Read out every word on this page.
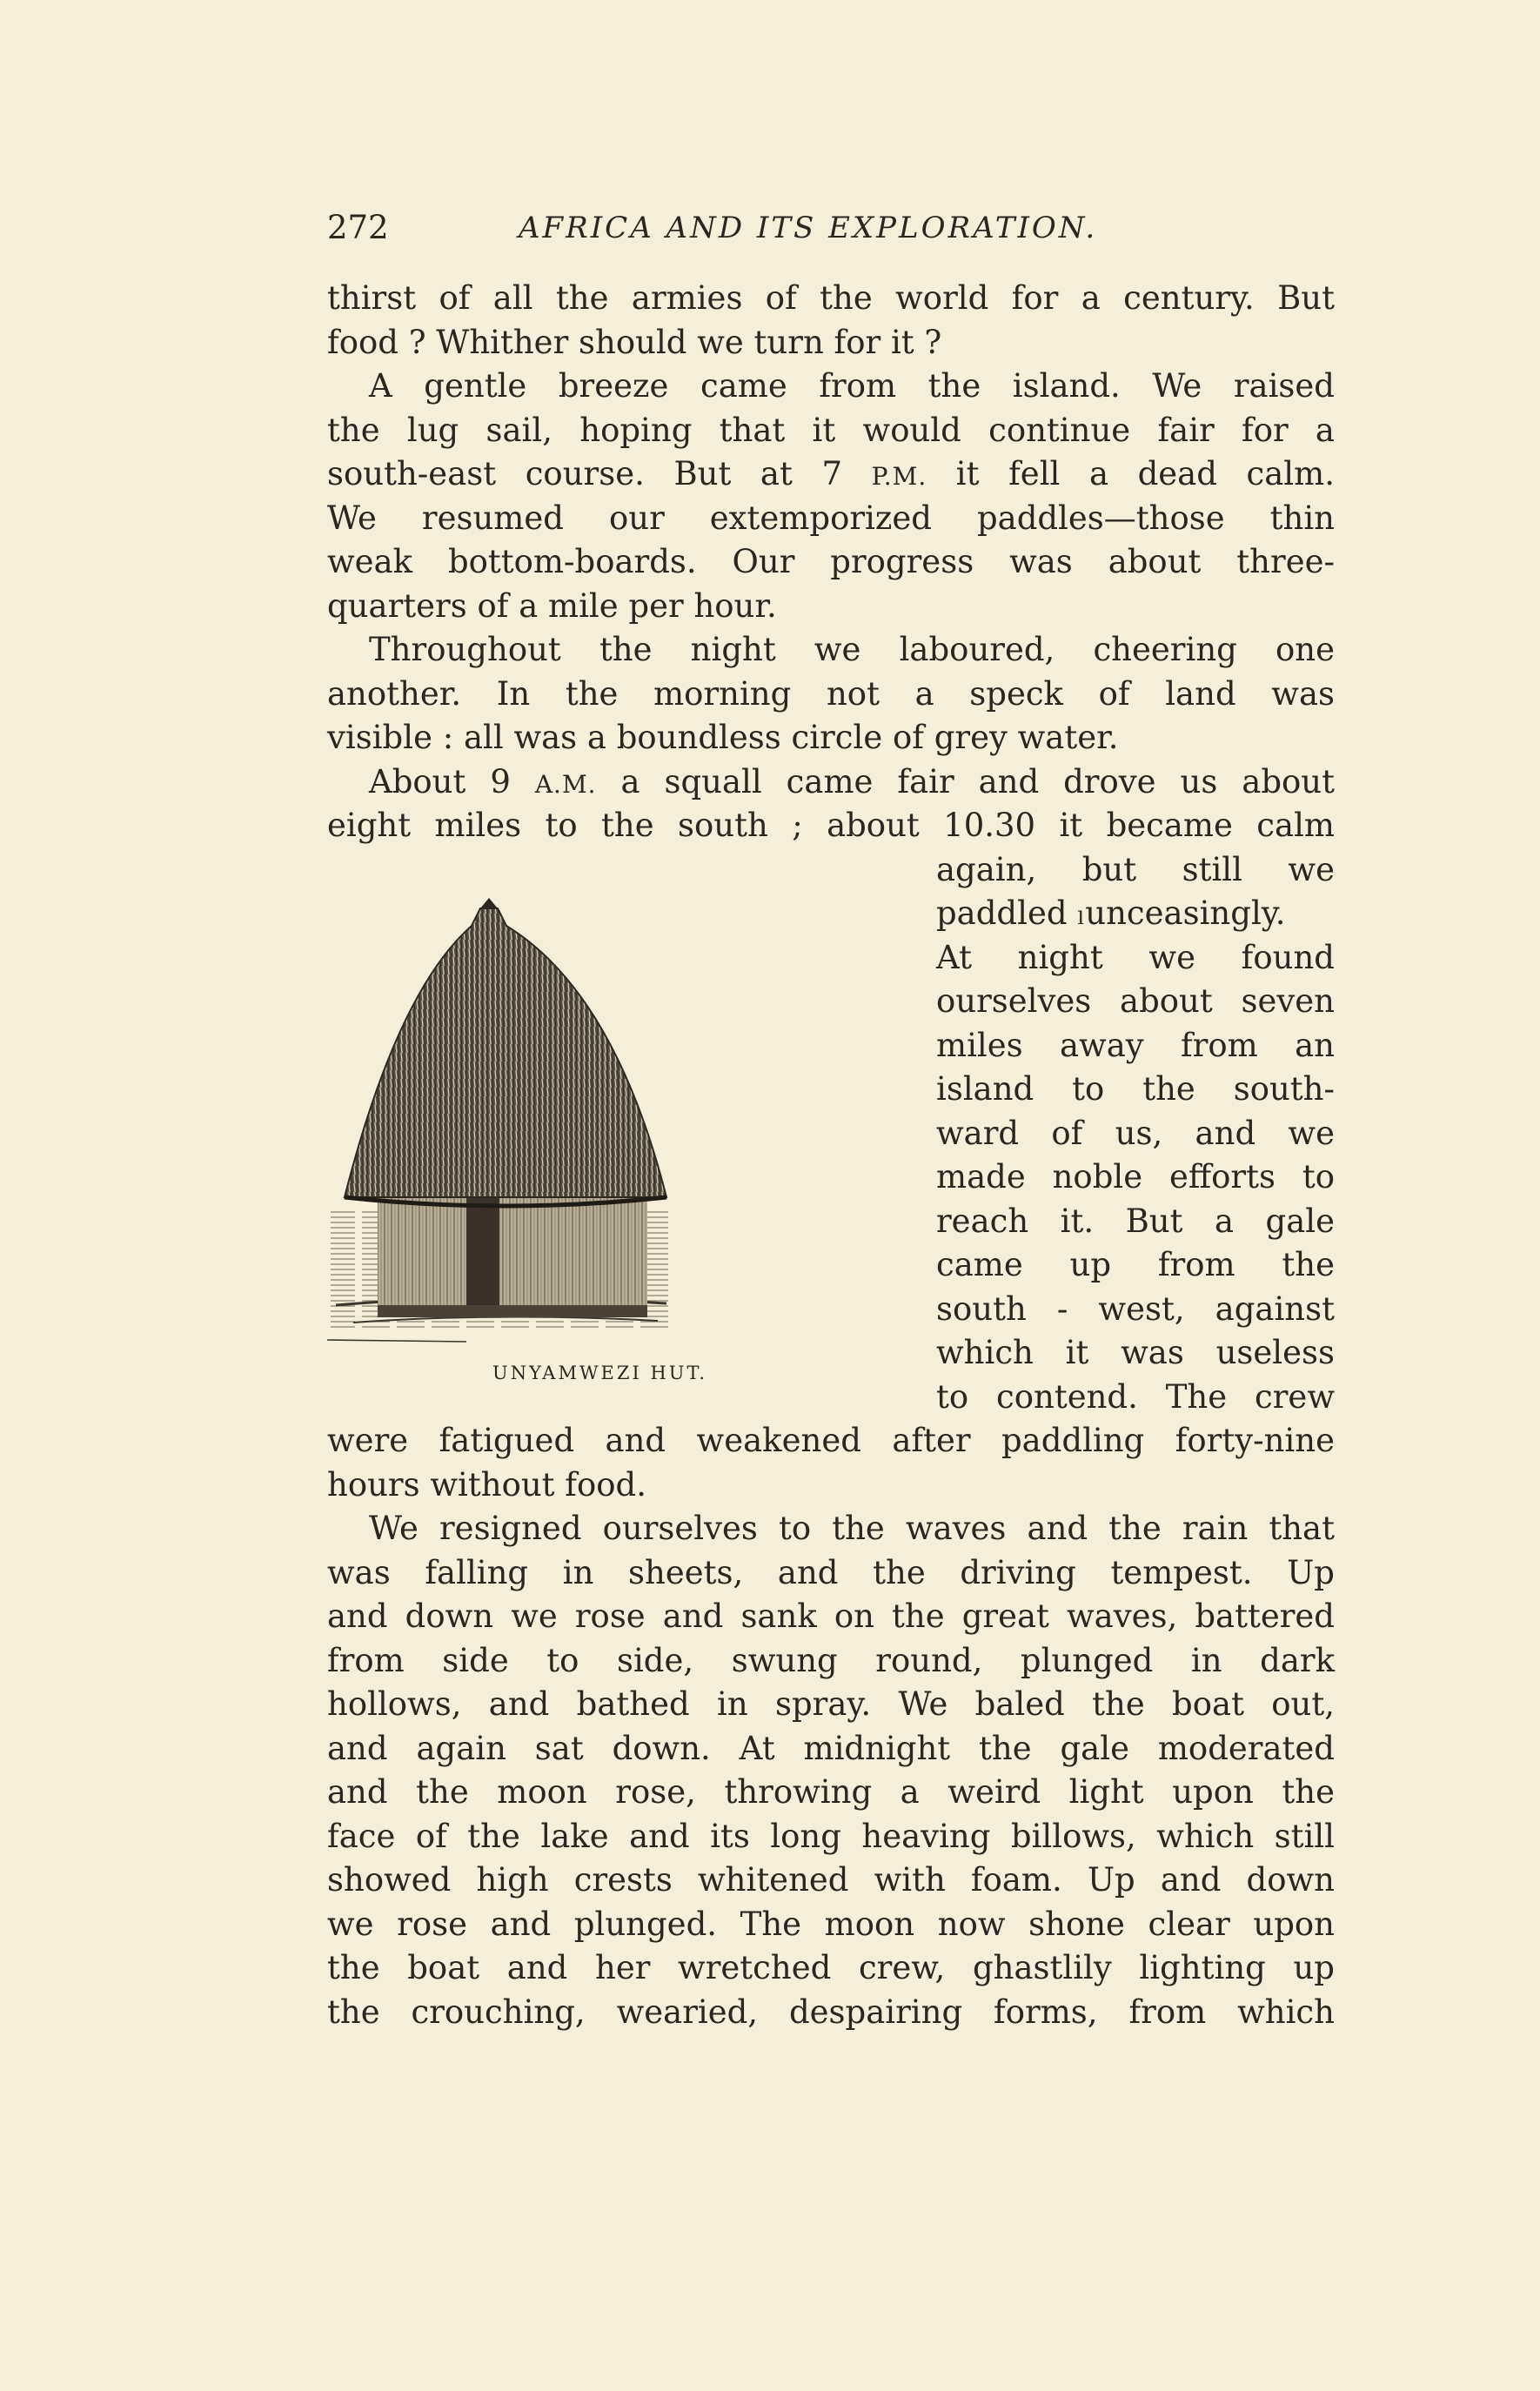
272	AFRICA AND ITS EXPLORATION.
UNYAMWEZI HUT.
thirst of all the armies of the world for a century. But
food ? Whither should we turn for it ?
A gentle breeze came from the island. We raised
the lug sail, hoping that it would continue fair for a
south-east course. But at 7 P.M. it fell a dead calm.
We resumed our extemporized paddles—those thin
weak bottom-boards. Our progress was about three-
quarters of a mile per hour.
Throughout the night we laboured, cheering one
another. In the morning not a speck of land was
visible : all was a boundless circle of grey water.
About 9 A.M. a squall came fair and drove us about
eight miles to the south ; about 10.30 it became calm
again, but still we
paddled ₗunceasingly.
At night we found
ourselves about seven
miles away from an
island to the south-
ward of us, and we
made noble efforts to
reach it. But a gale
came up from the
south - west, against
which it was useless
to contend. The crew
were fatigued and weakened after paddling forty-nine
hours without food.
We resigned ourselves to the waves and the rain that
was falling in sheets, and the driving tempest. Up
and down we rose and sank on the great waves, battered
from side to side, swung round, plunged in dark
hollows, and bathed in spray. We baled the boat out,
and again sat down. At midnight the gale moderated
and the moon rose, throwing a weird light upon the
face of the lake and its long heaving billows, which still
showed high crests whitened with foam. Up and down
we rose and plunged. The moon now shone clear upon
the boat and her wretched crew, ghastlily lighting up
the crouching, wearied, despairing forms, from which
